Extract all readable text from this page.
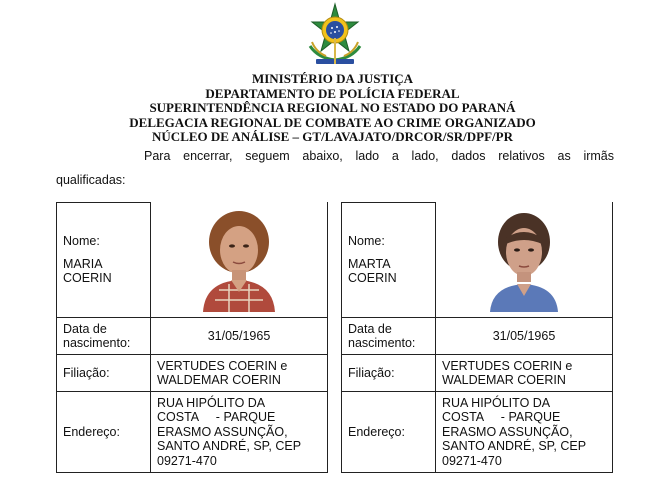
MINISTÉRIO DA JUSTIÇA
DEPARTAMENTO DE POLÍCIA FEDERAL
SUPERINTENDÊNCIA REGIONAL NO ESTADO DO PARANÁ
DELEGACIA REGIONAL DE COMBATE AO CRIME ORGANIZADO
NÚCLEO DE ANÁLISE – GT/LAVAJATO/DRCOR/SR/DPF/PR
Para encerrar, seguem abaixo, lado a lado, dados relativos as irmãs
qualificadas:
Nome:
MARIA
COERIN

Data de
nascimento:	31/05/1965
Filiação:	VERTUDES COERIN e
WALDEMAR COERIN

Endereço:	RUA HIPÓLITO DA
COSTA     - PARQUE
ERASMO ASSUNÇÃO,
SANTO ANDRÉ, SP, CEP
09271-470
Nome:
MARTA
COERIN

Data de
nascimento:	31/05/1965
Filiação:	VERTUDES COERIN e
WALDEMAR COERIN

Endereço:	RUA HIPÓLITO DA
COSTA     - PARQUE
ERASMO ASSUNÇÃO,
SANTO ANDRÉ, SP, CEP
09271-470
